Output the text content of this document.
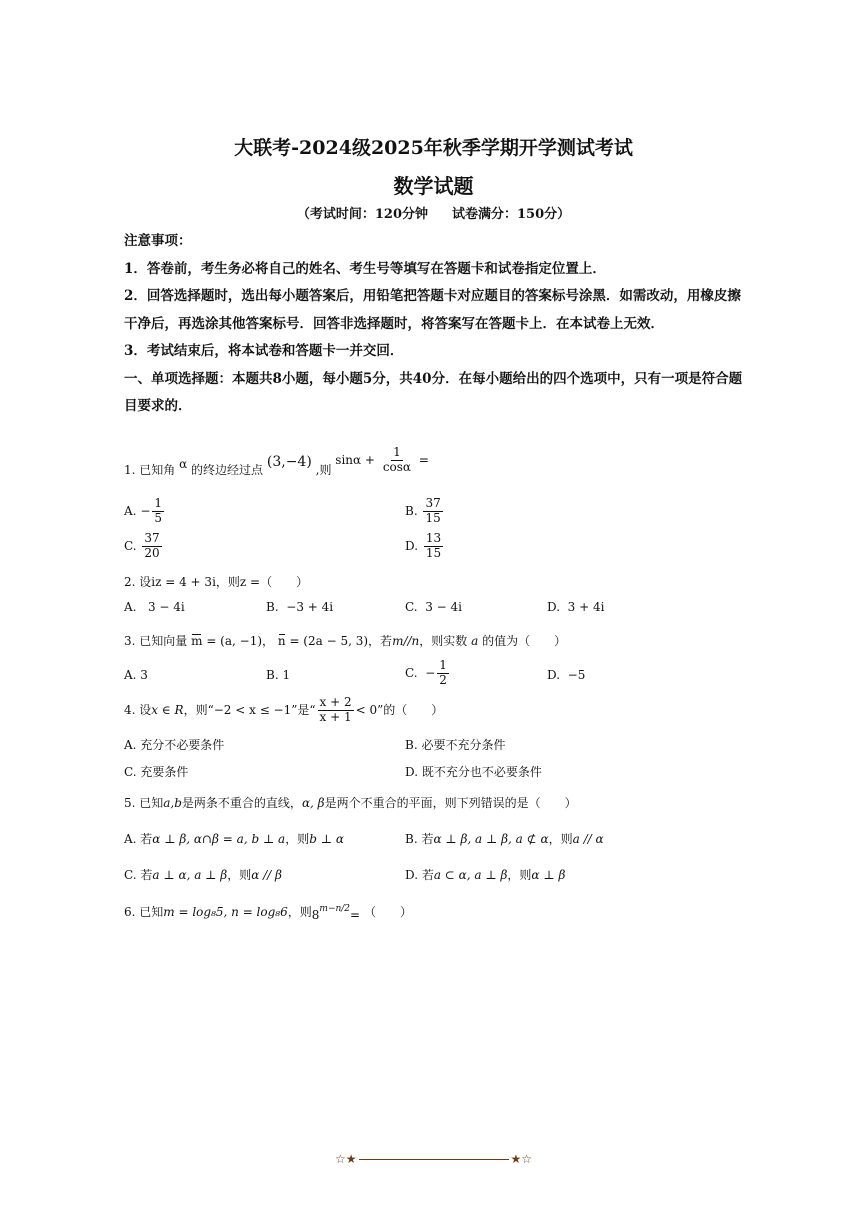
大联考-2024级2025年秋季学期开学测试考试
数学试题
（考试时间：120分钟 试卷满分：150分）

注意事项：

1．答卷前，考生务必将自己的姓名、考生号等填写在答题卡和试卷指定位置上．

2．回答选择题时，选出每小题答案后，用铅笔把答题卡对应题目的答案标号涂黑．如需改动，用橡皮擦干净后，再选涂其他答案标号．回答非选择题时，将答案写在答题卡上．在本试卷上无效．

3．考试结束后，将本试卷和答题卡一并交回．

一、单项选择题：本题共8小题，每小题5分，共40分．在每小题给出的四个选项中，只有一项是符合题目要求的．

1. 已知角 α 的终边经过点 (3,−4) ,则 $\sin\alpha + \frac{1}{\cos\alpha}$ =
A. − $\frac{1}{5}$	B. $\frac{37}{15}$
C. $\frac{37}{20}$	D. $\frac{13}{15}$
2. 设iz = 4 + 3i，则z =（　　）
A. 3 − 4i	B. −3 + 4i	C. 3 − 4i	D. 3 + 4i
3. 已知向量 m = (a, −1)， n = (2a − 5, 3)，若m//n，则实数 a 的值为（　　）
A. 3	B. 1	C. − $\frac{1}{2}$	D. −5
4. 设x ∈ R，则“−2 < x ≤ −1”是“ $\frac{x + 2}{x + 1} < 0$”的（　　）
A. 充分不必要条件	B. 必要不充分条件
C. 充要条件	D. 既不充分也不必要条件
5. 已知a,b是两条不重合的直线，α, β是两个不重合的平面，则下列错误的是（　　）
A. 若α ⊥ β, α∩β = a, b ⊥ a，则b ⊥ α	B. 若α ⊥ β, a ⊥ β, a ⊄ α，则a // α
C. 若a ⊥ α, a ⊥ β，则α // β	D. 若a ⊂ α, a ⊥ β，则α ⊥ β
6. 已知m = log₈5, n = log₈6，则$8^{m-n/2}=$ （　　）
☆★	★☆
